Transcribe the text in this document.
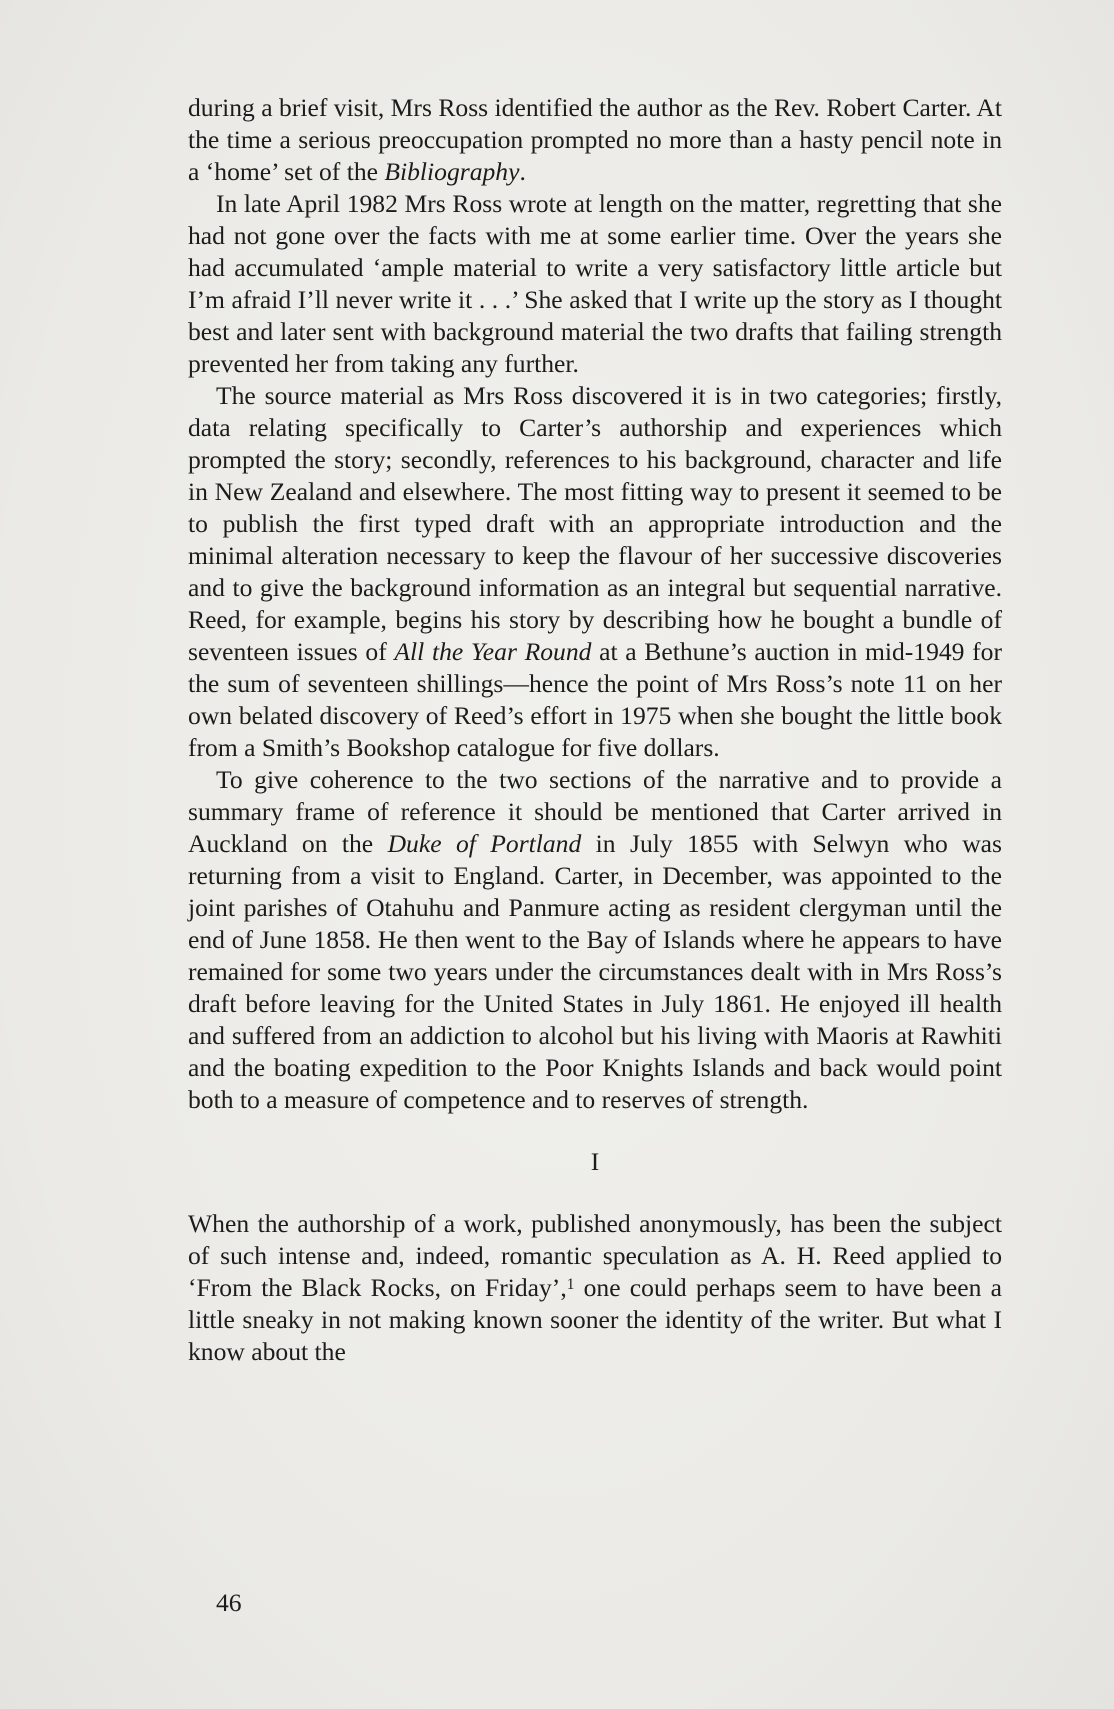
during a brief visit, Mrs Ross identified the author as the Rev. Robert Carter. At the time a serious preoccupation prompted no more than a hasty pencil note in a ‘home’ set of the Bibliography.

In late April 1982 Mrs Ross wrote at length on the matter, regretting that she had not gone over the facts with me at some earlier time. Over the years she had accumulated ‘ample material to write a very satisfactory little article but I’m afraid I’ll never write it . . .’ She asked that I write up the story as I thought best and later sent with background material the two drafts that failing strength prevented her from taking any further.

The source material as Mrs Ross discovered it is in two categories; firstly, data relating specifically to Carter’s authorship and experiences which prompted the story; secondly, references to his background, character and life in New Zealand and elsewhere. The most fitting way to present it seemed to be to publish the first typed draft with an appropriate introduction and the minimal alteration necessary to keep the flavour of her successive discoveries and to give the background information as an integral but sequential narrative. Reed, for example, begins his story by describing how he bought a bundle of seventeen issues of All the Year Round at a Bethune’s auction in mid-1949 for the sum of seventeen shillings—hence the point of Mrs Ross’s note 11 on her own belated discovery of Reed’s effort in 1975 when she bought the little book from a Smith’s Bookshop catalogue for five dollars.

To give coherence to the two sections of the narrative and to provide a summary frame of reference it should be mentioned that Carter arrived in Auckland on the Duke of Portland in July 1855 with Selwyn who was returning from a visit to England. Carter, in December, was appointed to the joint parishes of Otahuhu and Panmure acting as resident clergyman until the end of June 1858. He then went to the Bay of Islands where he appears to have remained for some two years under the circumstances dealt with in Mrs Ross’s draft before leaving for the United States in July 1861. He enjoyed ill health and suffered from an addiction to alcohol but his living with Maoris at Rawhiti and the boating expedition to the Poor Knights Islands and back would point both to a measure of competence and to reserves of strength.

I

When the authorship of a work, published anonymously, has been the subject of such intense and, indeed, romantic speculation as A. H. Reed applied to ‘From the Black Rocks, on Friday’,$^1$ one could perhaps seem to have been a little sneaky in not making known sooner the identity of the writer. But what I know about the

46
